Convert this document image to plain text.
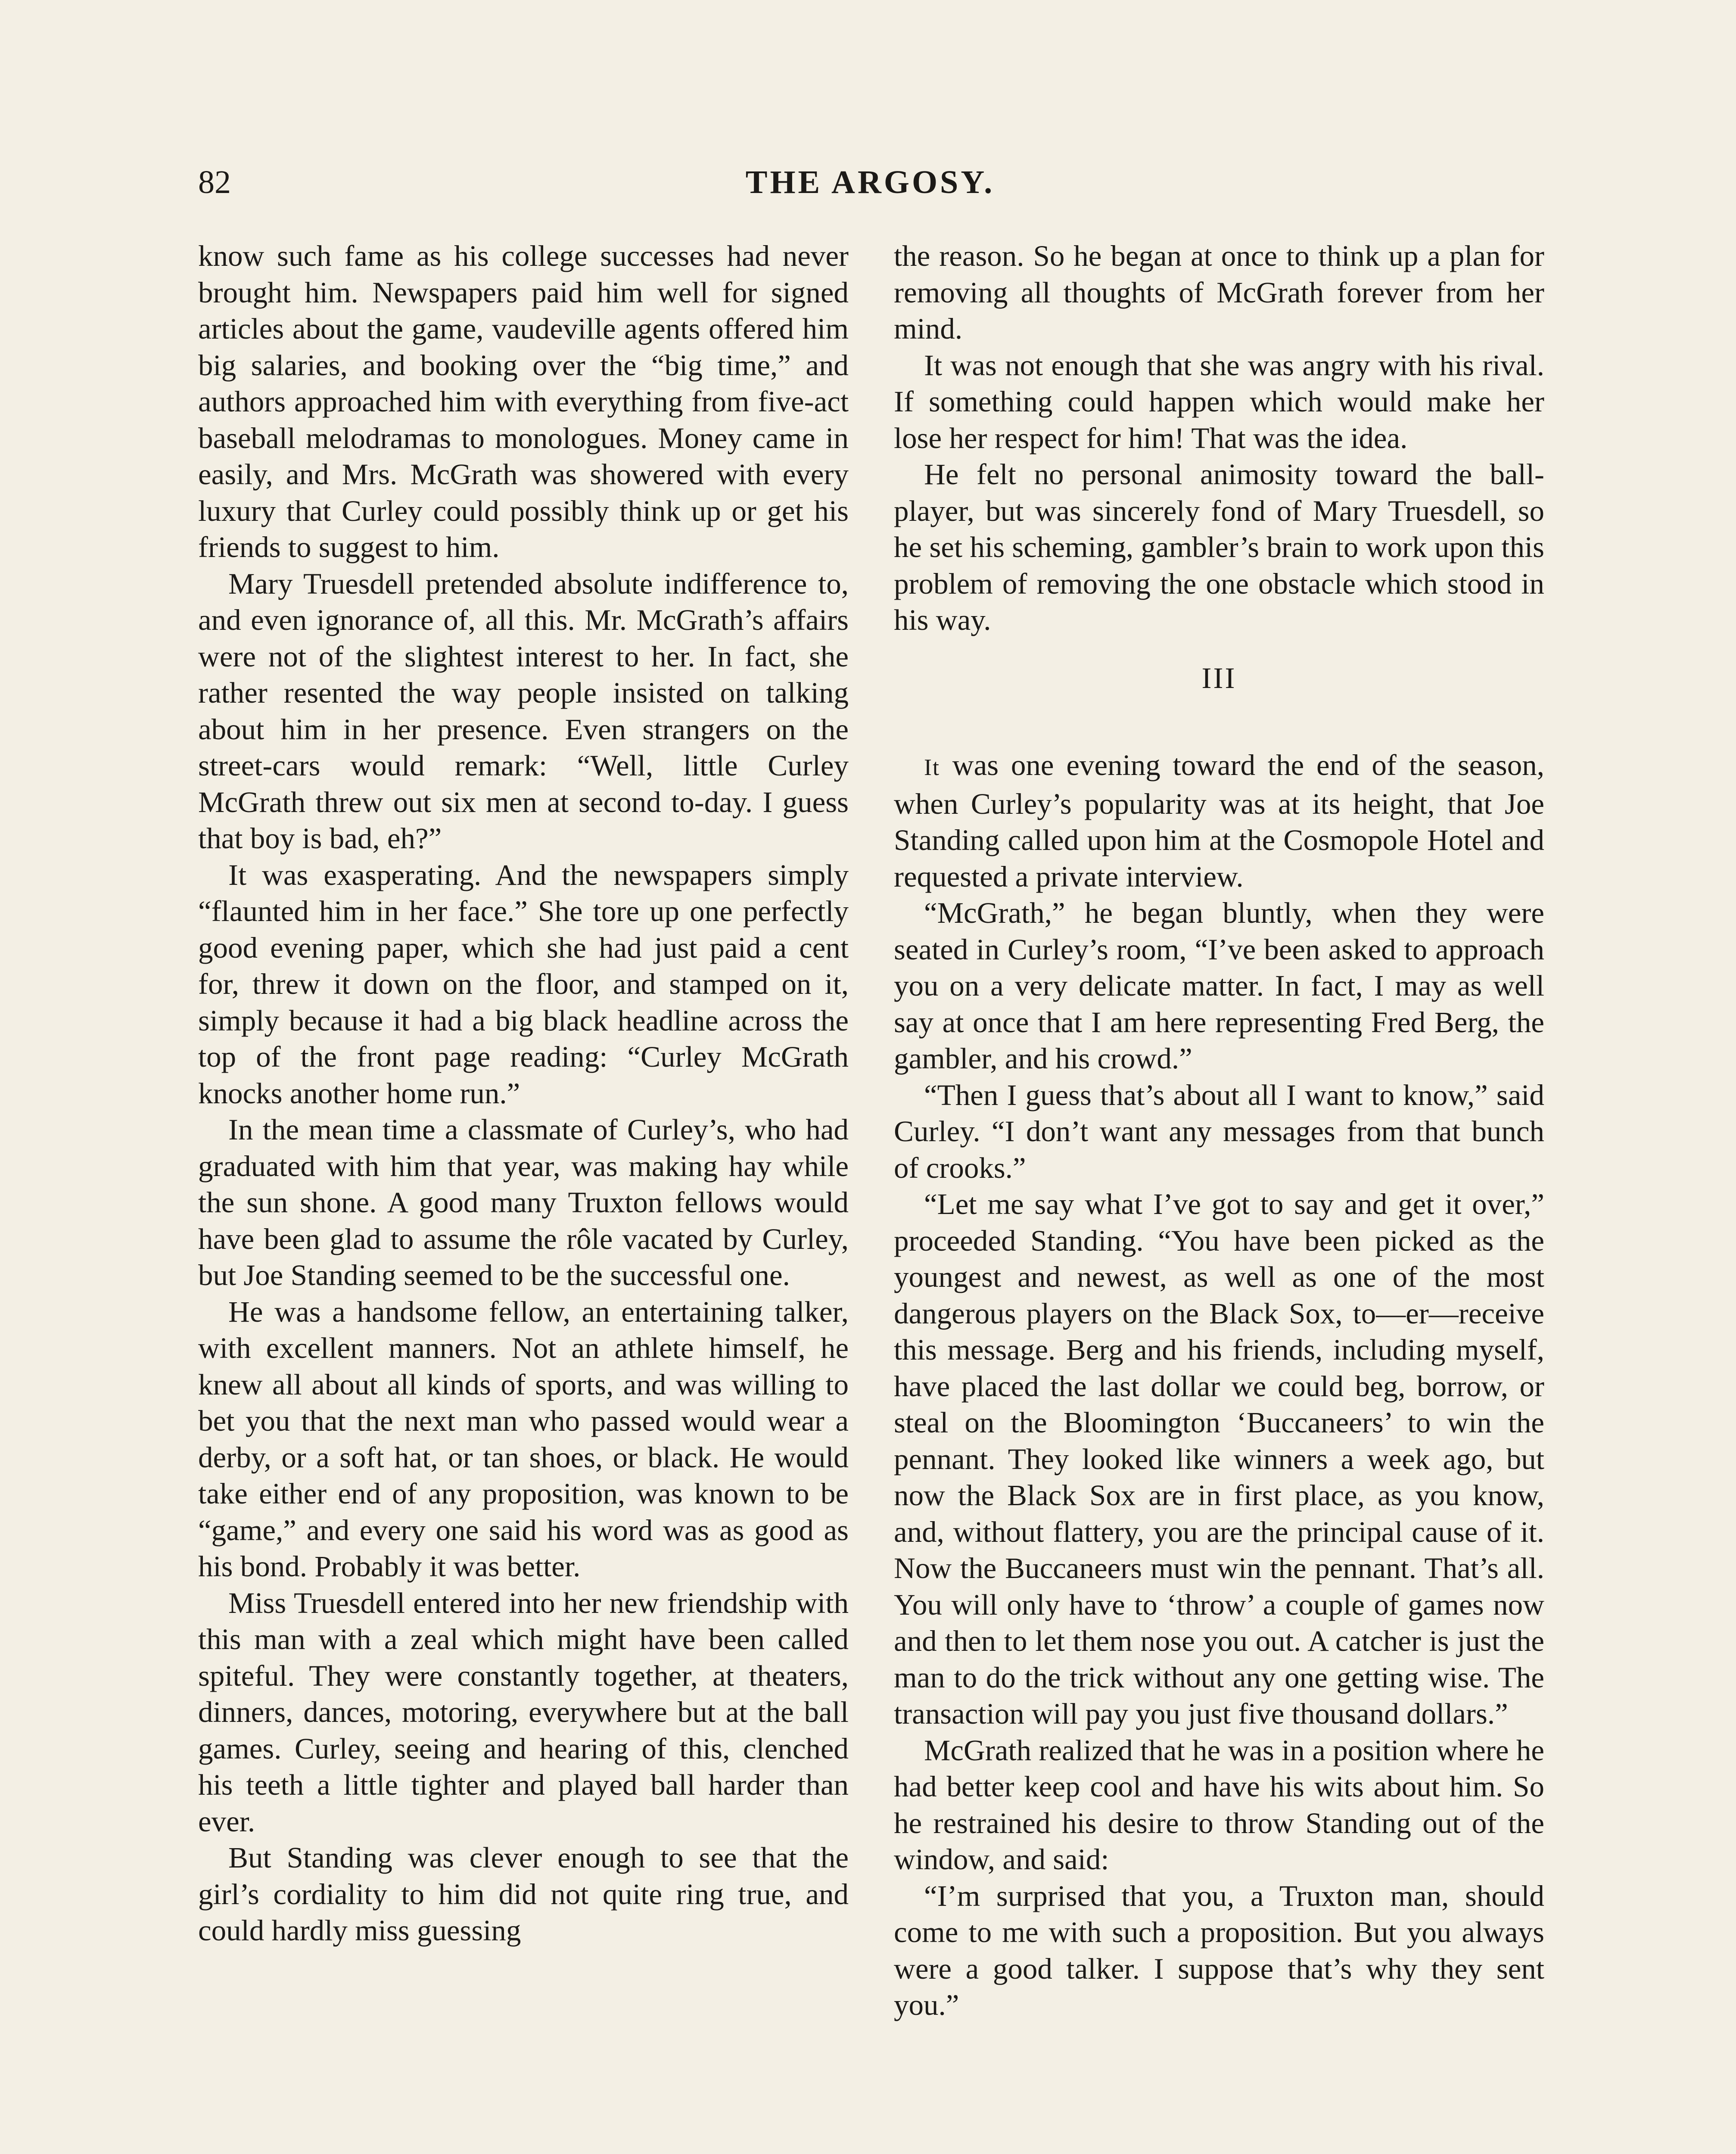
82	THE ARGOSY.

know such fame as his college successes had never brought him. Newspapers paid him well for signed articles about the game, vaudeville agents offered him big salaries, and booking over the “big time,” and authors approached him with everything from five-act baseball melodramas to monologues. Money came in easily, and Mrs. McGrath was showered with every luxury that Curley could possibly think up or get his friends to suggest to him.

Mary Truesdell pretended absolute indifference to, and even ignorance of, all this. Mr. McGrath’s affairs were not of the slightest interest to her. In fact, she rather resented the way people insisted on talking about him in her presence. Even strangers on the street-cars would remark: “Well, little Curley McGrath threw out six men at second to-day. I guess that boy is bad, eh?”

It was exasperating. And the newspapers simply “flaunted him in her face.” She tore up one perfectly good evening paper, which she had just paid a cent for, threw it down on the floor, and stamped on it, simply because it had a big black headline across the top of the front page reading: “Curley McGrath knocks another home run.”

In the mean time a classmate of Curley’s, who had graduated with him that year, was making hay while the sun shone. A good many Truxton fellows would have been glad to assume the rôle vacated by Curley, but Joe Standing seemed to be the successful one.

He was a handsome fellow, an entertaining talker, with excellent manners. Not an athlete himself, he knew all about all kinds of sports, and was willing to bet you that the next man who passed would wear a derby, or a soft hat, or tan shoes, or black. He would take either end of any proposition, was known to be “game,” and every one said his word was as good as his bond. Probably it was better.

Miss Truesdell entered into her new friendship with this man with a zeal which might have been called spiteful. They were constantly together, at theaters, dinners, dances, motoring, everywhere but at the ball games. Curley, seeing and hearing of this, clenched his teeth a little tighter and played ball harder than ever.

But Standing was clever enough to see that the girl’s cordiality to him did not quite ring true, and could hardly miss guessing

the reason. So he began at once to think up a plan for removing all thoughts of McGrath forever from her mind.

It was not enough that she was angry with his rival. If something could happen which would make her lose her respect for him! That was the idea.

He felt no personal animosity toward the ball-player, but was sincerely fond of Mary Truesdell, so he set his scheming, gambler’s brain to work upon this problem of removing the one obstacle which stood in his way.

III

It was one evening toward the end of the season, when Curley’s popularity was at its height, that Joe Standing called upon him at the Cosmopole Hotel and requested a private interview.

“McGrath,” he began bluntly, when they were seated in Curley’s room, “I’ve been asked to approach you on a very delicate matter. In fact, I may as well say at once that I am here representing Fred Berg, the gambler, and his crowd.”

“Then I guess that’s about all I want to know,” said Curley. “I don’t want any messages from that bunch of crooks.”

“Let me say what I’ve got to say and get it over,” proceeded Standing. “You have been picked as the youngest and newest, as well as one of the most dangerous players on the Black Sox, to—er—receive this message. Berg and his friends, including myself, have placed the last dollar we could beg, borrow, or steal on the Bloomington ‘Buccaneers’ to win the pennant. They looked like winners a week ago, but now the Black Sox are in first place, as you know, and, without flattery, you are the principal cause of it. Now the Buccaneers must win the pennant. That’s all. You will only have to ‘throw’ a couple of games now and then to let them nose you out. A catcher is just the man to do the trick without any one getting wise. The transaction will pay you just five thousand dollars.”

McGrath realized that he was in a position where he had better keep cool and have his wits about him. So he restrained his desire to throw Standing out of the window, and said:

“I’m surprised that you, a Truxton man, should come to me with such a proposition. But you always were a good talker. I suppose that’s why they sent you.”
